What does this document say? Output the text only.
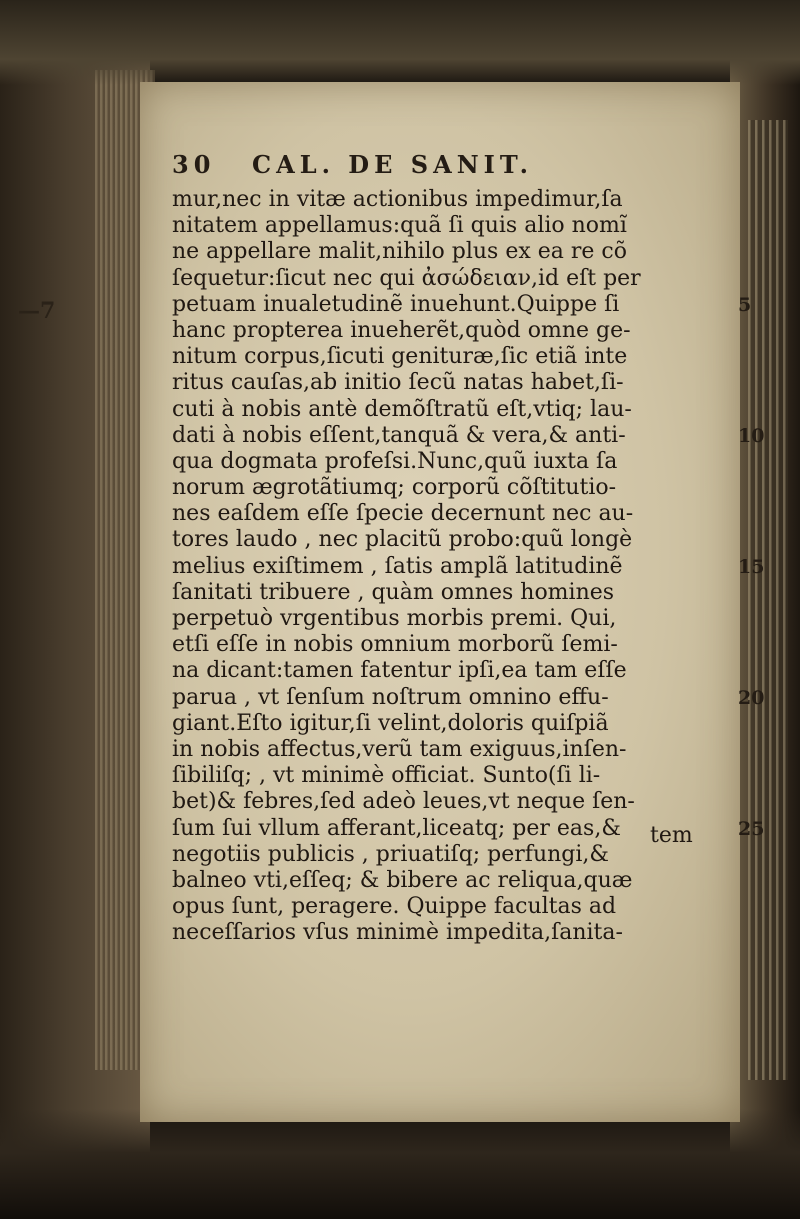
—7
30 CAL. DE SANIT.
mur,nec in vitæ actionibus impedimur,ſa
nitatem appellamus:quã ſi quis alio nomĩ
ne appellare malit,nihilo plus ex ea re cõ
ſequetur:ſicut nec qui ἀσώδειαν,id eſt per
petuam inualetudinẽ inuehunt.Quippe ſi
hanc propterea inueherẽt,quòd omne ge-
nitum corpus,ſicuti genituræ,ſic etiã inte
ritus cauſas,ab initio ſecũ natas habet,ſi-
cuti à nobis antè demõſtratũ eſt,vtiq; lau-
dati à nobis eſſent,tanquã & vera,& anti-
qua dogmata profeſsi.Nunc,quũ iuxta ſa
norum ægrotãtiumq; corporũ cõſtitutio-
nes eaſdem eſſe ſpecie decernunt nec au-
tores laudo , nec placitũ probo:quũ longè
melius exiſtimem , ſatis amplã latitudinẽ
ſanitati tribuere , quàm omnes homines
perpetuò vrgentibus morbis premi. Qui,
etſi eſſe in nobis omnium morborũ ſemi-
na dicant:tamen fatentur ipſi,ea tam eſſe
parua , vt ſenſum noſtrum omnino effu-
giant.Eſto igitur,ſi velint,doloris quiſpiã
in nobis affectus,verũ tam exiguus,inſen-
ſibiliſq; , vt minimè officiat. Sunto(ſi li-
bet)& febres,ſed adeò leues,vt neque ſen-
ſum ſui vllum afferant,liceatq; per eas,&
negotiis publicis , priuatiſq; perfungi,&
balneo vti,eſſeq; & bibere ac reliqua,quæ
opus ſunt, peragere. Quippe facultas ad
neceſſarios vſus minimè impedita,ſanita-
tem
5
10
15
20
25
